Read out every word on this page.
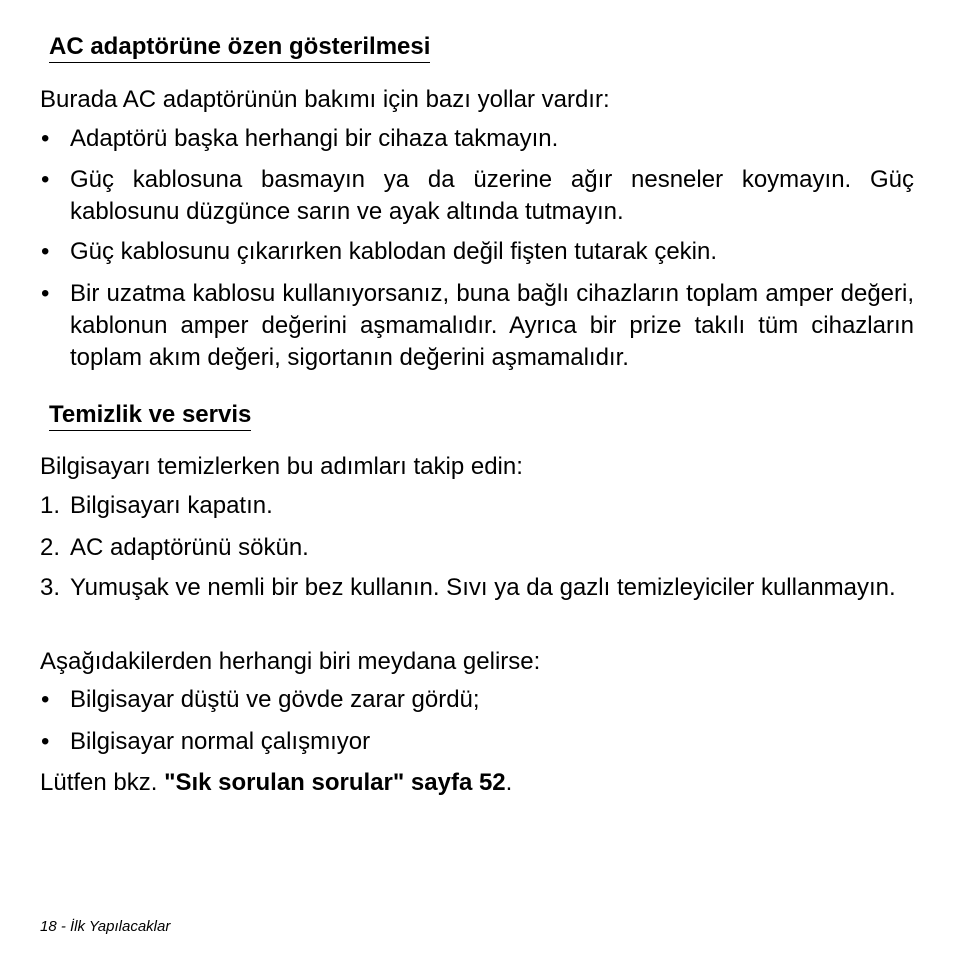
AC adaptörüne özen gösterilmesi

Burada AC adaptörünün bakımı için bazı yollar vardır:

• Adaptörü başka herhangi bir cihaza takmayın.
• Güç kablosuna basmayın ya da üzerine ağır nesneler koymayın. Güç kablosunu düzgünce sarın ve ayak altında tutmayın.
• Güç kablosunu çıkarırken kablodan değil fişten tutarak çekin.
• Bir uzatma kablosu kullanıyorsanız, buna bağlı cihazların toplam amper değeri, kablonun amper değerini aşmamalıdır. Ayrıca bir prize takılı tüm cihazların toplam akım değeri, sigortanın değerini aşmamalıdır.
Temizlik ve servis

Bilgisayarı temizlerken bu adımları takip edin:

1. Bilgisayarı kapatın.
2. AC adaptörünü sökün.
3. Yumuşak ve nemli bir bez kullanın. Sıvı ya da gazlı temizleyiciler kullanmayın.

Aşağıdakilerden herhangi biri meydana gelirse:

• Bilgisayar düştü ve gövde zarar gördü;
• Bilgisayar normal çalışmıyor

Lütfen bkz. "Sık sorulan sorular" sayfa 52.

18 - İlk Yapılacaklar
